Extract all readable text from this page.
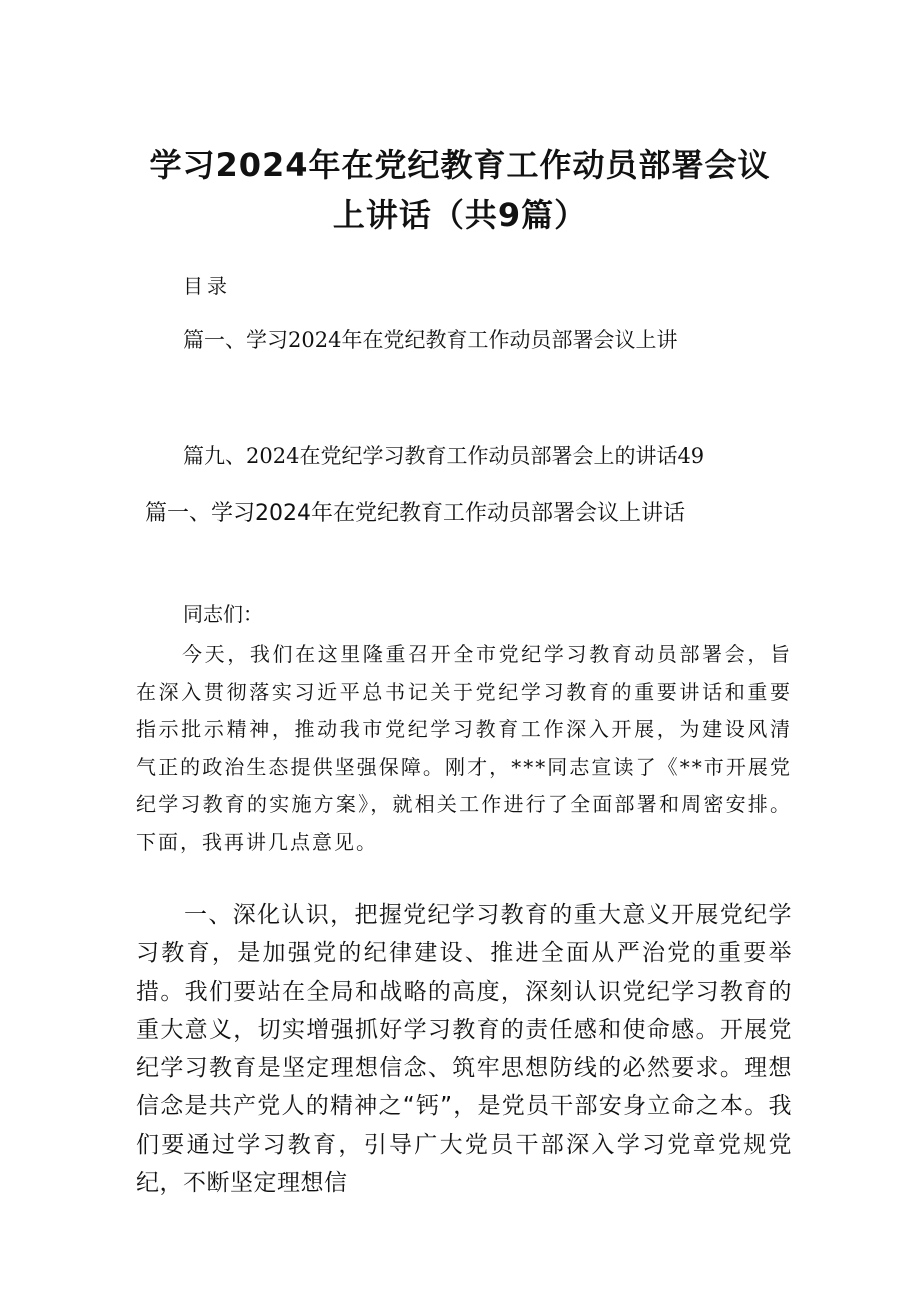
学习2024年在党纪教育工作动员部署会议
上讲话（共9篇）
目录
篇一、学习2024年在党纪教育工作动员部署会议上讲
篇九、2024在党纪学习教育工作动员部署会上的讲话49
篇一、学习2024年在党纪教育工作动员部署会议上讲话
同志们：

今天，我们在这里隆重召开全市党纪学习教育动员部署会，旨在深入贯彻落实习近平总书记关于党纪学习教育的重要讲话和重要指示批示精神，推动我市党纪学习教育工作深入开展，为建设风清气正的政治生态提供坚强保障。刚才，***同志宣读了《**市开展党纪学习教育的实施方案》，就相关工作进行了全面部署和周密安排。下面，我再讲几点意见。

一、深化认识，把握党纪学习教育的重大意义开展党纪学习教育，是加强党的纪律建设、推进全面从严治党的重要举措。我们要站在全局和战略的高度，深刻认识党纪学习教育的重大意义，切实增强抓好学习教育的责任感和使命感。开展党纪学习教育是坚定理想信念、筑牢思想防线的必然要求。理想信念是共产党人的精神之“钙”，是党员干部安身立命之本。我们要通过学习教育，引导广大党员干部深入学习党章党规党纪，不断坚定理想信
